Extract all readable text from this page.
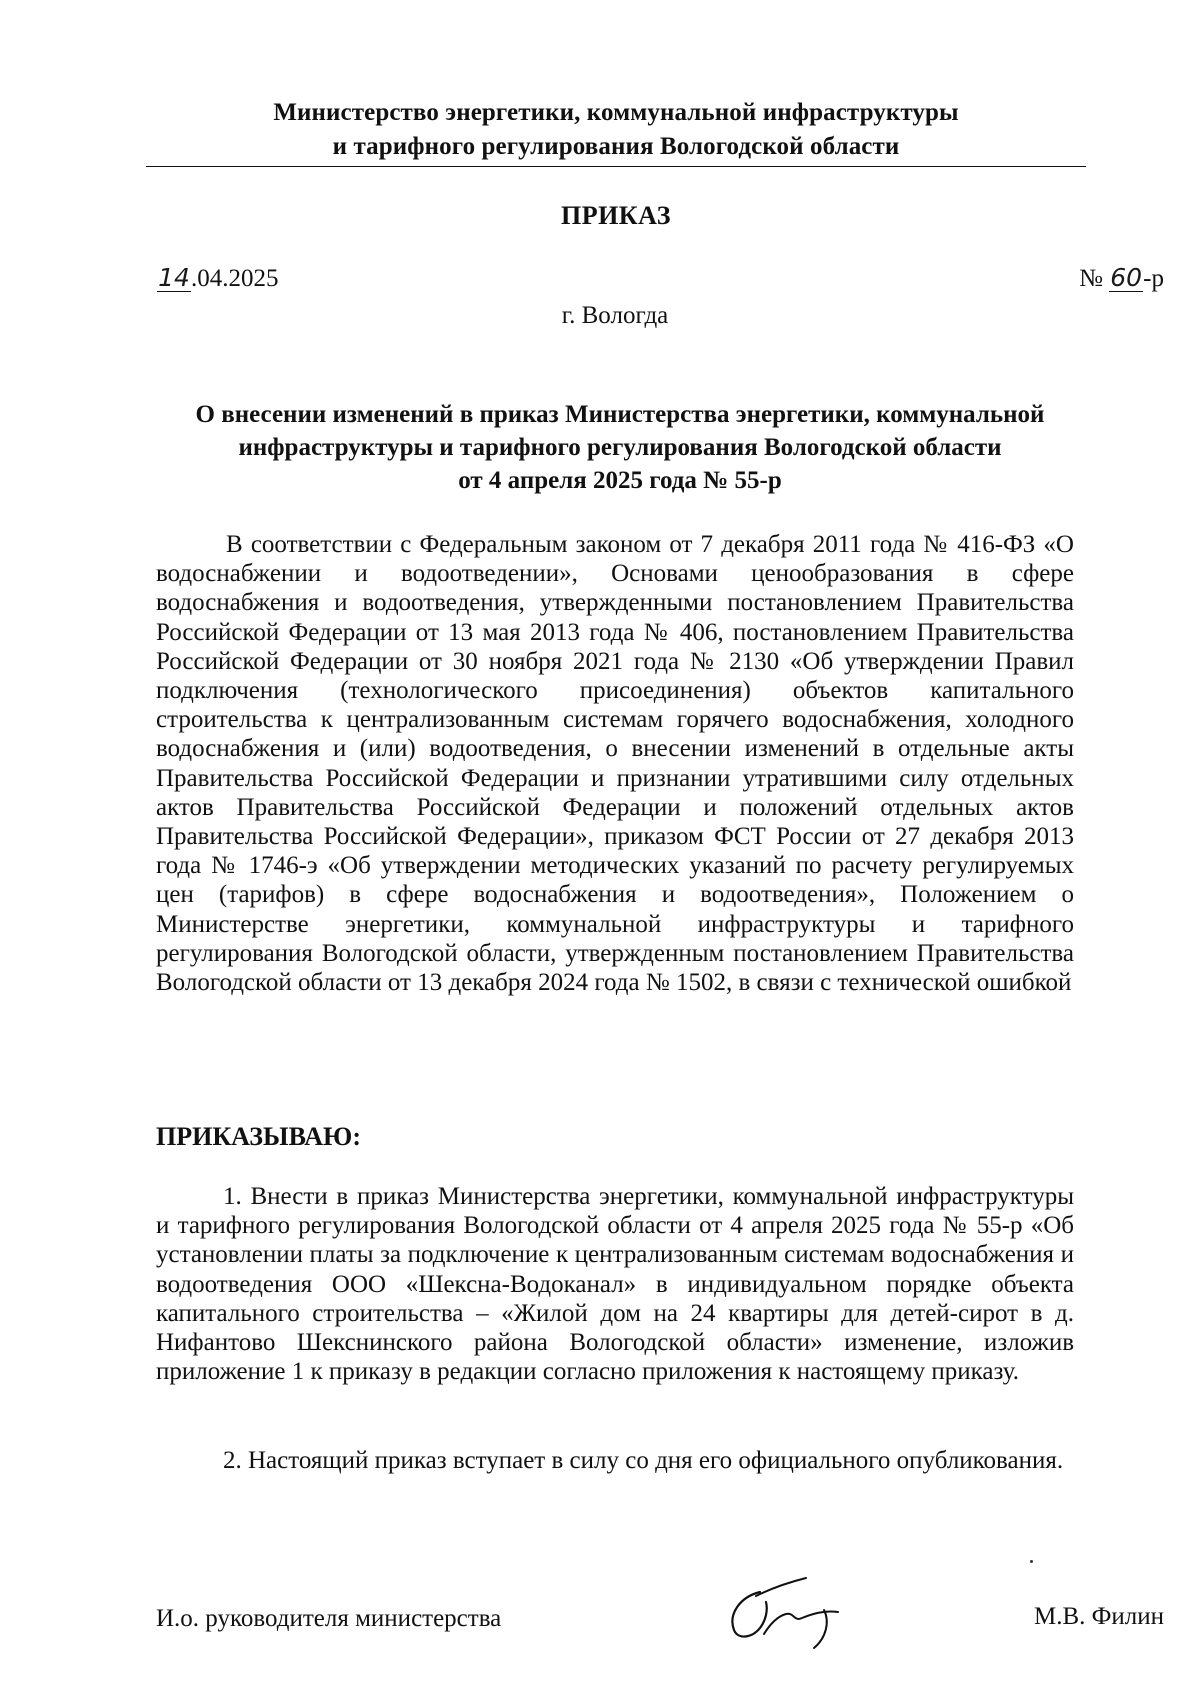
Министерство энергетики, коммунальной инфраструктуры
и тарифного регулирования Вологодской области
ПРИКАЗ
14.04.2025	№ 60-р
г. Вологда
О внесении изменений в приказ Министерства энергетики, коммунальной
инфраструктуры и тарифного регулирования Вологодской области
от 4 апреля 2025 года № 55-р
В соответствии с Федеральным законом от 7 декабря 2011 года № 416-ФЗ «О водоснабжении и водоотведении», Основами ценообразования в сфере водоснабжения и водоотведения, утвержденными постановлением Правительства Российской Федерации от 13 мая 2013 года № 406, постановлением Правительства Российской Федерации от 30 ноября 2021 года № 2130 «Об утверждении Правил подключения (технологического присоединения) объектов капитального строительства к централизованным системам горячего водоснабжения, холодного водоснабжения и (или) водоотведения, о внесении изменений в отдельные акты Правительства Российской Федерации и признании утратившими силу отдельных актов Правительства Российской Федерации и положений отдельных актов Правительства Российской Федерации», приказом ФСТ России от 27 декабря 2013 года № 1746-э «Об утверждении методических указаний по расчету регулируемых цен (тарифов) в сфере водоснабжения и водоотведения», Положением о Министерстве энергетики, коммунальной инфраструктуры и тарифного регулирования Вологодской области, утвержденным постановлением Правительства Вологодской области от 13 декабря 2024 года № 1502, в связи с технической ошибкой
ПРИКАЗЫВАЮ:
1. Внести в приказ Министерства энергетики, коммунальной инфраструктуры и тарифного регулирования Вологодской области от 4 апреля 2025 года № 55-р «Об установлении платы за подключение к централизованным системам водоснабжения и водоотведения ООО «Шексна-Водоканал» в индивидуальном порядке объекта капитального строительства – «Жилой дом на 24 квартиры для детей-сирот в д. Нифантово Шекснинского района Вологодской области» изменение, изложив приложение 1 к приказу в редакции согласно приложения к настоящему приказу.
2. Настоящий приказ вступает в силу со дня его официального опубликования.
И.о. руководителя министерства	М.В. Филин
